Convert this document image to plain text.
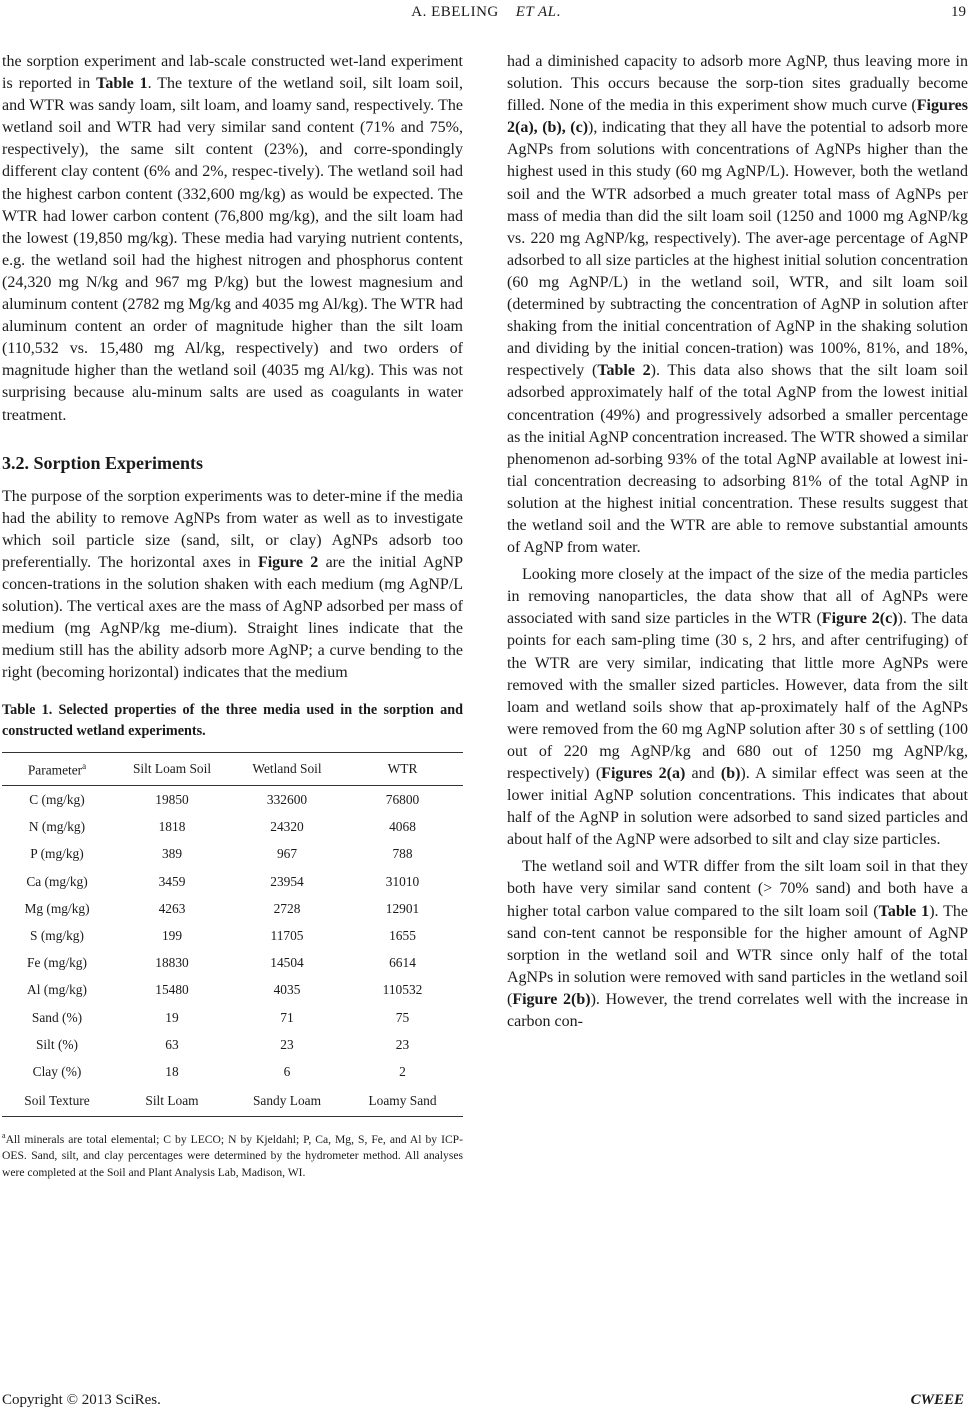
A. EBELING ET AL.	19

the sorption experiment and lab-scale constructed wet-land experiment is reported in Table 1. The texture of the wetland soil, silt loam soil, and WTR was sandy loam, silt loam, and loamy sand, respectively. The wetland soil and WTR had very similar sand content (71% and 75%, respectively), the same silt content (23%), and corre-spondingly different clay content (6% and 2%, respec-tively). The wetland soil had the highest carbon content (332,600 mg/kg) as would be expected. The WTR had lower carbon content (76,800 mg/kg), and the silt loam had the lowest (19,850 mg/kg). These media had varying nutrient contents, e.g. the wetland soil had the highest nitrogen and phosphorus content (24,320 mg N/kg and 967 mg P/kg) but the lowest magnesium and aluminum content (2782 mg Mg/kg and 4035 mg Al/kg). The WTR had aluminum content an order of magnitude higher than the silt loam (110,532 vs. 15,480 mg Al/kg, respectively) and two orders of magnitude higher than the wetland soil (4035 mg Al/kg). This was not surprising because alu-minum salts are used as coagulants in water treatment.

3.2. Sorption Experiments

The purpose of the sorption experiments was to deter-mine if the media had the ability to remove AgNPs from water as well as to investigate which soil particle size (sand, silt, or clay) AgNPs adsorb too preferentially. The horizontal axes in Figure 2 are the initial AgNP concen-trations in the solution shaken with each medium (mg AgNP/L solution). The vertical axes are the mass of AgNP adsorbed per mass of medium (mg AgNP/kg me-dium). Straight lines indicate that the medium still has the ability adsorb more AgNP; a curve bending to the right (becoming horizontal) indicates that the medium

Table 1. Selected properties of the three media used in the sorption and constructed wetland experiments.
Parameter$^a$	Silt Loam Soil	Wetland Soil	WTR
C (mg/kg)	19850	332600	76800
N (mg/kg)	1818	24320	4068
P (mg/kg)	389	967	788
Ca (mg/kg)	3459	23954	31010
Mg (mg/kg)	4263	2728	12901
S (mg/kg)	199	11705	1655
Fe (mg/kg)	18830	14504	6614
Al (mg/kg)	15480	4035	110532
Sand (%)	19	71	75
Silt (%)	63	23	23
Clay (%)	18	6	2
Soil Texture	Silt Loam	Sandy Loam	Loamy Sand
$^a$All minerals are total elemental; C by LECO; N by Kjeldahl; P, Ca, Mg, S, Fe, and Al by ICP-OES. Sand, silt, and clay percentages were determined by the hydrometer method. All analyses were completed at the Soil and Plant Analysis Lab, Madison, WI.

had a diminished capacity to adsorb more AgNP, thus leaving more in solution. This occurs because the sorp-tion sites gradually become filled. None of the media in this experiment show much curve (Figures 2(a), (b), (c)), indicating that they all have the potential to adsorb more AgNPs from solutions with concentrations of AgNPs higher than the highest used in this study (60 mg AgNP/L). However, both the wetland soil and the WTR adsorbed a much greater total mass of AgNPs per mass of media than did the silt loam soil (1250 and 1000 mg AgNP/kg vs. 220 mg AgNP/kg, respectively). The aver-age percentage of AgNP adsorbed to all size particles at the highest initial solution concentration (60 mg AgNP/L) in the wetland soil, WTR, and silt loam soil (determined by subtracting the concentration of AgNP in solution after shaking from the initial concentration of AgNP in the shaking solution and dividing by the initial concen-tration) was 100%, 81%, and 18%, respectively (Table 2). This data also shows that the silt loam soil adsorbed approximately half of the total AgNP from the lowest initial concentration (49%) and progressively adsorbed a smaller percentage as the initial AgNP concentration increased. The WTR showed a similar phenomenon ad-sorbing 93% of the total AgNP available at lowest ini-tial concentration decreasing to adsorbing 81% of the total AgNP in solution at the highest initial concentration. These results suggest that the wetland soil and the WTR are able to remove substantial amounts of AgNP from water.

Looking more closely at the impact of the size of the media particles in removing nanoparticles, the data show that all of AgNPs were associated with sand size particles in the WTR (Figure 2(c)). The data points for each sam-pling time (30 s, 2 hrs, and after centrifuging) of the WTR are very similar, indicating that little more AgNPs were removed with the smaller sized particles. However, data from the silt loam and wetland soils show that ap-proximately half of the AgNPs were removed from the 60 mg AgNP solution after 30 s of settling (100 out of 220 mg AgNP/kg and 680 out of 1250 mg AgNP/kg, respectively) (Figures 2(a) and (b)). A similar effect was seen at the lower initial AgNP solution concentrations. This indicates that about half of the AgNP in solution were adsorbed to sand sized particles and about half of the AgNP were adsorbed to silt and clay size particles.

The wetland soil and WTR differ from the silt loam soil in that they both have very similar sand content (> 70% sand) and both have a higher total carbon value compared to the silt loam soil (Table 1). The sand con-tent cannot be responsible for the higher amount of AgNP sorption in the wetland soil and WTR since only half of the total AgNPs in solution were removed with sand particles in the wetland soil (Figure 2(b)). However, the trend correlates well with the increase in carbon con-

Copyright © 2013 SciRes.	CWEEE
